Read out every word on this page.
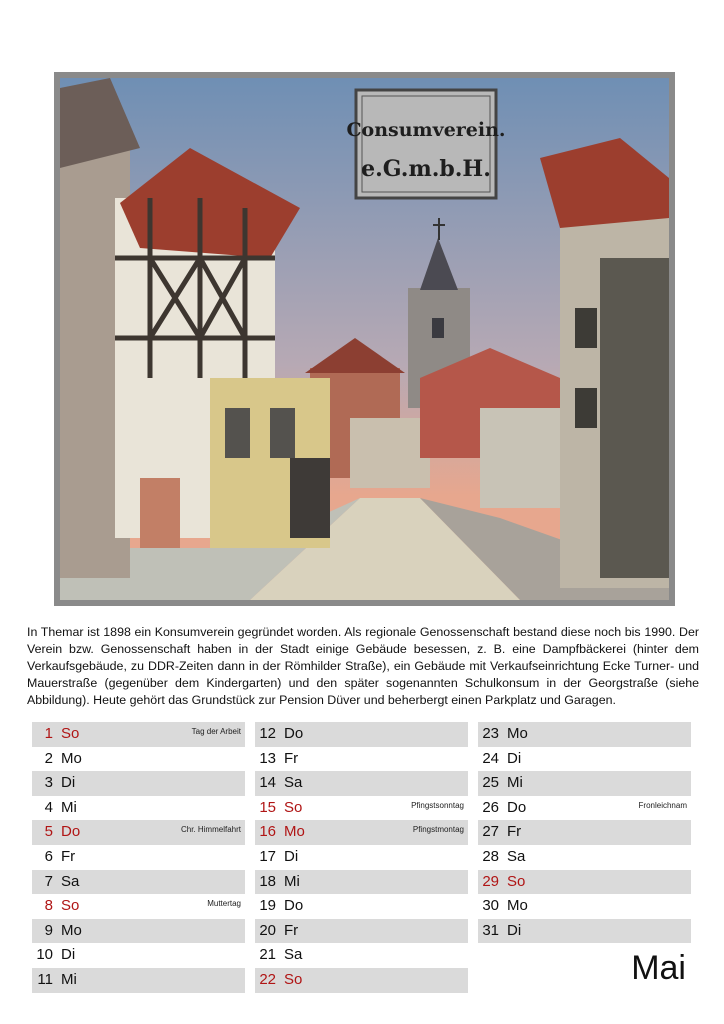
Consumverein.
e.G.m.b.H.
In Themar ist 1898 ein Konsumverein gegründet worden. Als regionale Genossenschaft bestand diese noch bis 1990. Der Verein bzw. Genossenschaft haben in der Stadt einige Gebäude besessen, z. B. eine Dampfbäckerei (hinter dem Verkaufsgebäude, zu DDR-Zeiten dann in der Römhilder Straße), ein Gebäude mit Verkaufseinrichtung Ecke Turner- und Mauerstraße (gegenüber dem Kindergarten) und den später sogenannten Schulkonsum in der Georgstraße (siehe Abbildung). Heute gehört das Grundstück zur Pension Düver und beherbergt einen Parkplatz und Garagen.
1 So	Tag der Arbeit
2 Mo
3 Di
4 Mi
5 Do	Chr. Himmelfahrt
6 Fr
7 Sa
8 So	Muttertag
9 Mo
10 Di
11 Mi
12 Do
13 Fr
14 Sa
15 So	Pfingstsonntag
16 Mo	Pfingstmontag
17 Di
18 Mi
19 Do
20 Fr
21 Sa
22 So
23 Mo
24 Di
25 Mi
26 Do	Fronleichnam
27 Fr
28 Sa
29 So
30 Mo
31 Di
Mai
